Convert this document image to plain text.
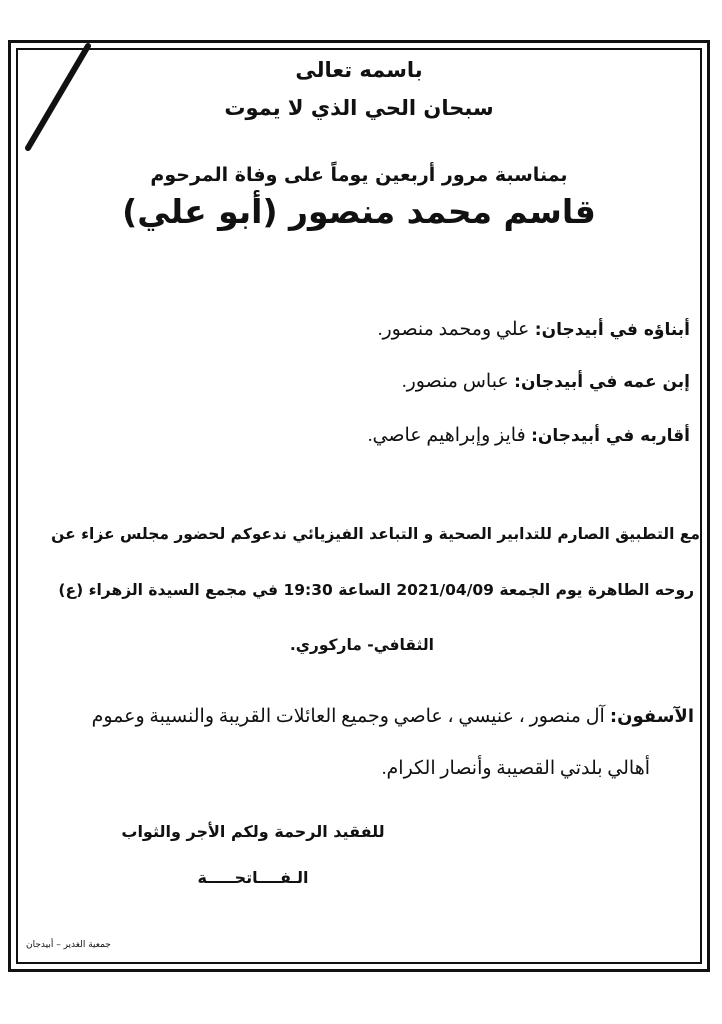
باسمه تعالى
سبحان الحي الذي لا يموت
بمناسبة مرور أربعين يوماً على وفاة المرحوم
قاسم محمد منصور (أبو علي)
أبناؤه في أبيدجان: علي ومحمد منصور.
إبن عمه في أبيدجان: عباس منصور.
أقاربه في أبيدجان: فايز وإبراهيم عاصي.
مع التطبيق الصارم للتدابير الصحية و التباعد الفيزيائي ندعوكم لحضور مجلس عزاء عن
روحه الطاهرة يوم الجمعة 2021/04/09 الساعة 19:30 في مجمع السيدة الزهراء (ع)
الثقافي- ماركوري.
الآسفون: آل منصور ، عنيسي ، عاصي وجميع العائلات القريبة والنسيبة وعموم
أهالي بلدتي القصيبة وأنصار الكرام.
للفقيد الرحمة ولكم الأجر والثواب
الـفــــاتحـــــة
جمعية الغدير – أبيدجان
